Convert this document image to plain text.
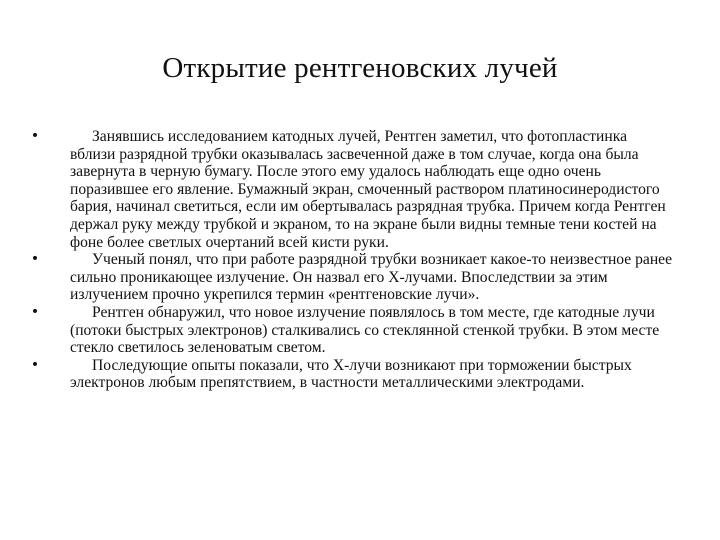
Открытие рентгеновских лучей
•	Занявшись исследованием катодных лучей, Рентген заметил, что фотопластинка вблизи разрядной трубки оказывалась засвеченной даже в том случае, когда она была завернута в черную бумагу. После этого ему удалось наблюдать еще одно очень поразившее его явление. Бумажный экран, смоченный раствором платиносинеродистого бария, начинал светиться, если им обертывалась разрядная трубка. Причем когда Рентген держал руку между трубкой и экраном, то на экране были видны темные тени костей на фоне более светлых очертаний всей кисти руки.
•	Ученый понял, что при работе разрядной трубки возникает какое-то неизвестное ранее сильно проникающее излучение. Он назвал его Х-лучами. Впоследствии за этим излучением прочно укрепился термин «рентгеновские лучи».
•	Рентген обнаружил, что новое излучение появлялось в том месте, где катодные лучи (потоки быстрых электронов) сталкивались со стеклянной стенкой трубки. В этом месте стекло светилось зеленоватым светом.
•	Последующие опыты показали, что Х-лучи возникают при торможении быстрых электронов любым препятствием, в частности металлическими электродами.
